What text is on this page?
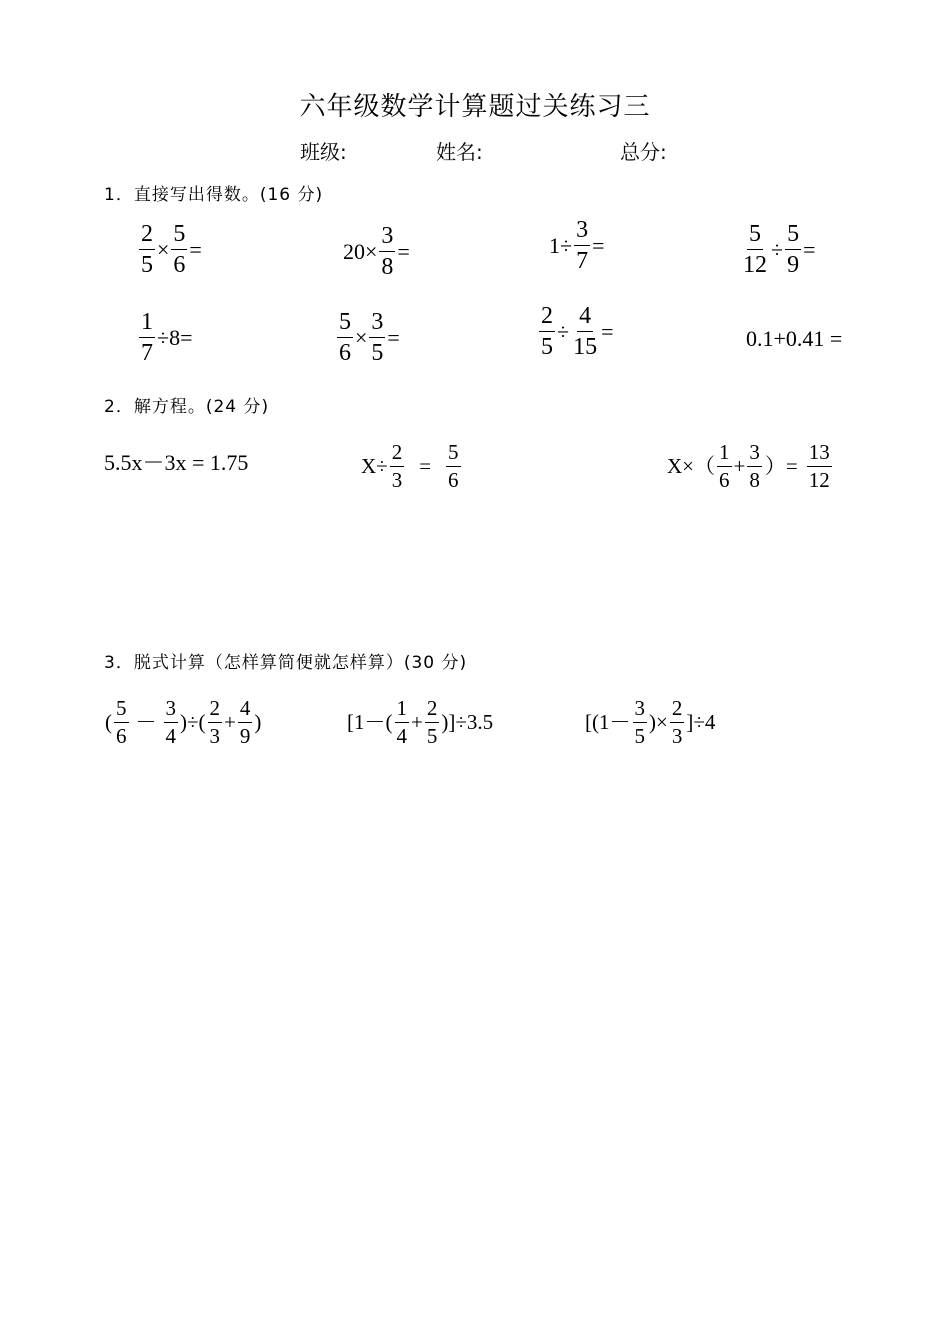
六年级数学计算题过关练习三
班级:	姓名:	总分:
1．直接写出得数。(16 分)
$\frac{2}{5} \times \frac{5}{6}$ =	$20\times \frac{3}{8}$ =	$1\div \frac{3}{7}$ =	$\frac{5}{12} \div \frac{5}{9}$ =
$\frac{1}{7} \div 8=$	$\frac{5}{6} \times \frac{3}{5}$ =	$\frac{2}{5} \div \frac{4}{15}$ =	0.1+0.41 =
2．解方程。(24 分)
5.5x－3x = 1.75	$X\div \frac{2}{3} = \frac{5}{6}$	$X\times( \frac{1}{6} + \frac{3}{8}$ ）= $\frac{13}{12}$
3．脱式计算（怎样算简便就怎样算）(30 分)
( $\frac{5}{6} - \frac{3}{4}$ )÷( $\frac{2}{3} + \frac{4}{9}$ )	$[1-( \frac{1}{4} + \frac{2}{5} )]\div 3.5$	[($1- \frac{3}{5}$ )× $\frac{2}{3} ]\div 4$
